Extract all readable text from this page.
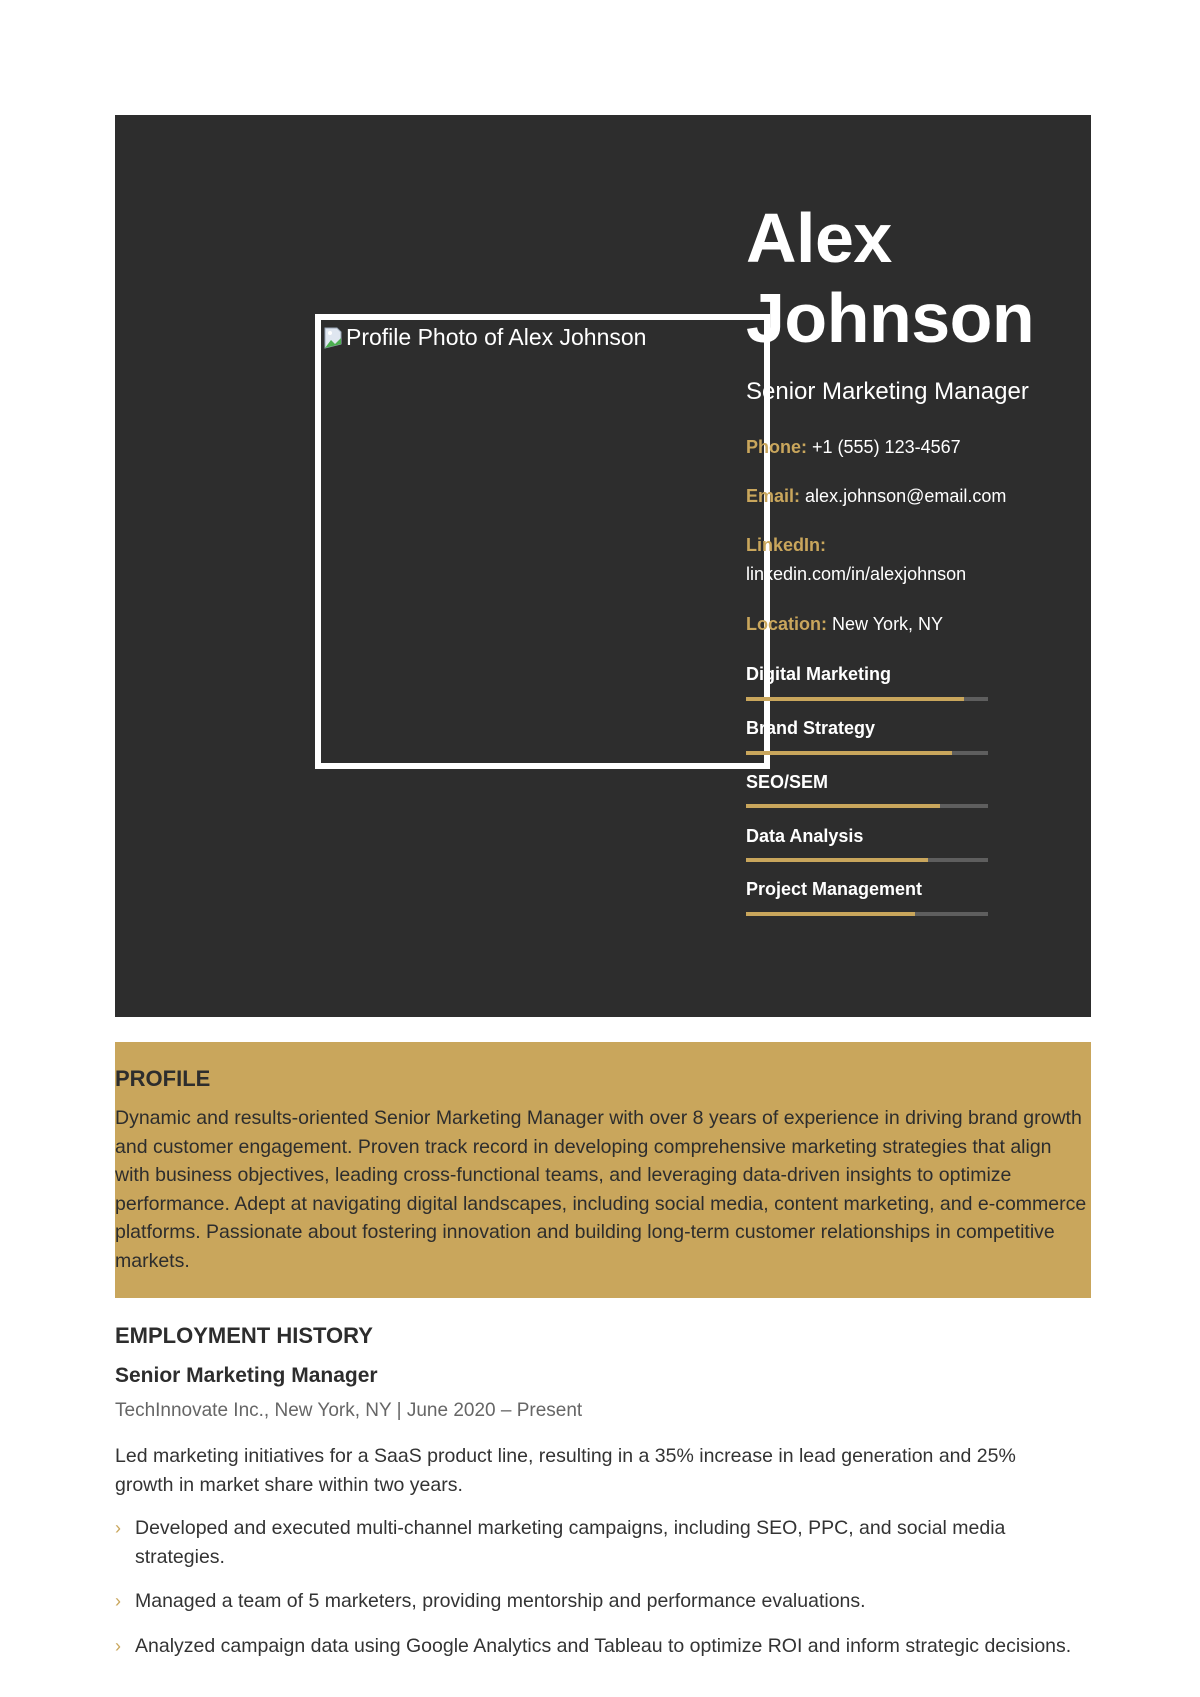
Profile Photo of Alex Johnson
Alex
Johnson
Senior Marketing Manager
Phone: +1 (555) 123-4567
Email: alex.johnson@email.com
LinkedIn:
linkedin.com/in/alexjohnson
Location: New York, NY
Digital Marketing
Brand Strategy
SEO/SEM
Data Analysis
Project Management
PROFILE

Dynamic and results-oriented Senior Marketing Manager with over 8 years of experience in driving brand growth and customer engagement. Proven track record in developing comprehensive marketing strategies that align with business objectives, leading cross-functional teams, and leveraging data-driven insights to optimize performance. Adept at navigating digital landscapes, including social media, content marketing, and e-commerce platforms. Passionate about fostering innovation and building long-term customer relationships in competitive markets.

EMPLOYMENT HISTORY
Senior Marketing Manager
TechInnovate Inc., New York, NY | June 2020 – Present

Led marketing initiatives for a SaaS product line, resulting in a 35% increase in lead generation and 25% growth in market share within two years.

› Developed and executed multi-channel marketing campaigns, including SEO, PPC, and social media strategies.
› Managed a team of 5 marketers, providing mentorship and performance evaluations.
› Analyzed campaign data using Google Analytics and Tableau to optimize ROI and inform strategic decisions.
